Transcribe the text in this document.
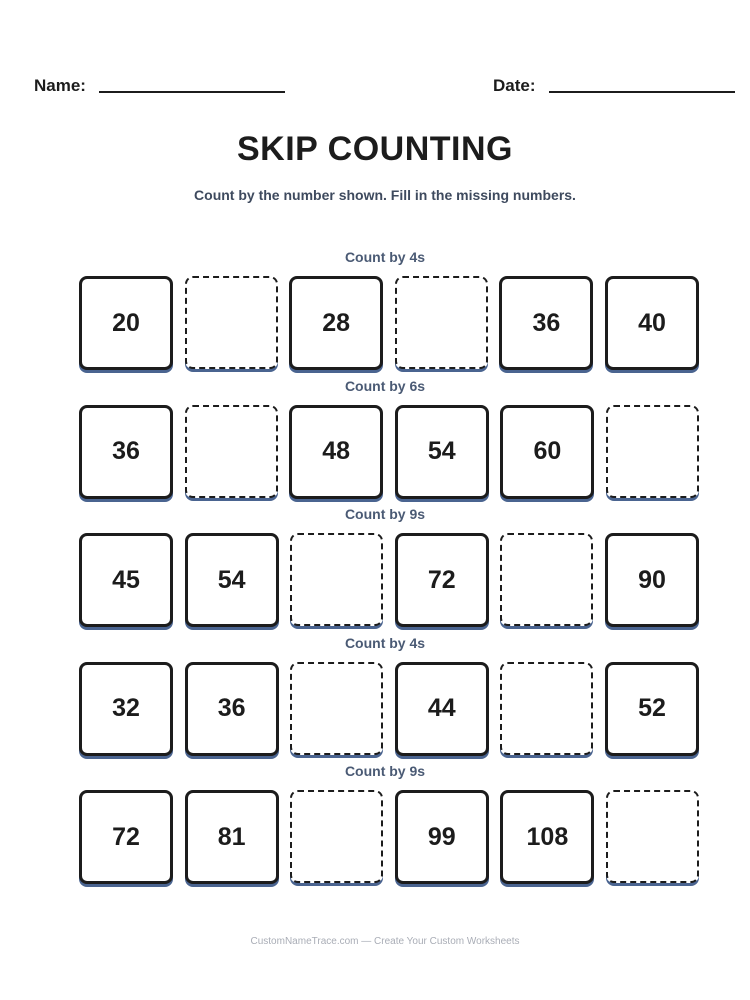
Name:	Date:
SKIP COUNTING

Count by the number shown. Fill in the missing numbers.

Count by 4s
20	28	36	40
Count by 6s
36	48	54	60
Count by 9s
45	54	72	90
Count by 4s
32	36	44	52
Count by 9s
72	81	99	108
CustomNameTrace.com — Create Your Custom Worksheets
